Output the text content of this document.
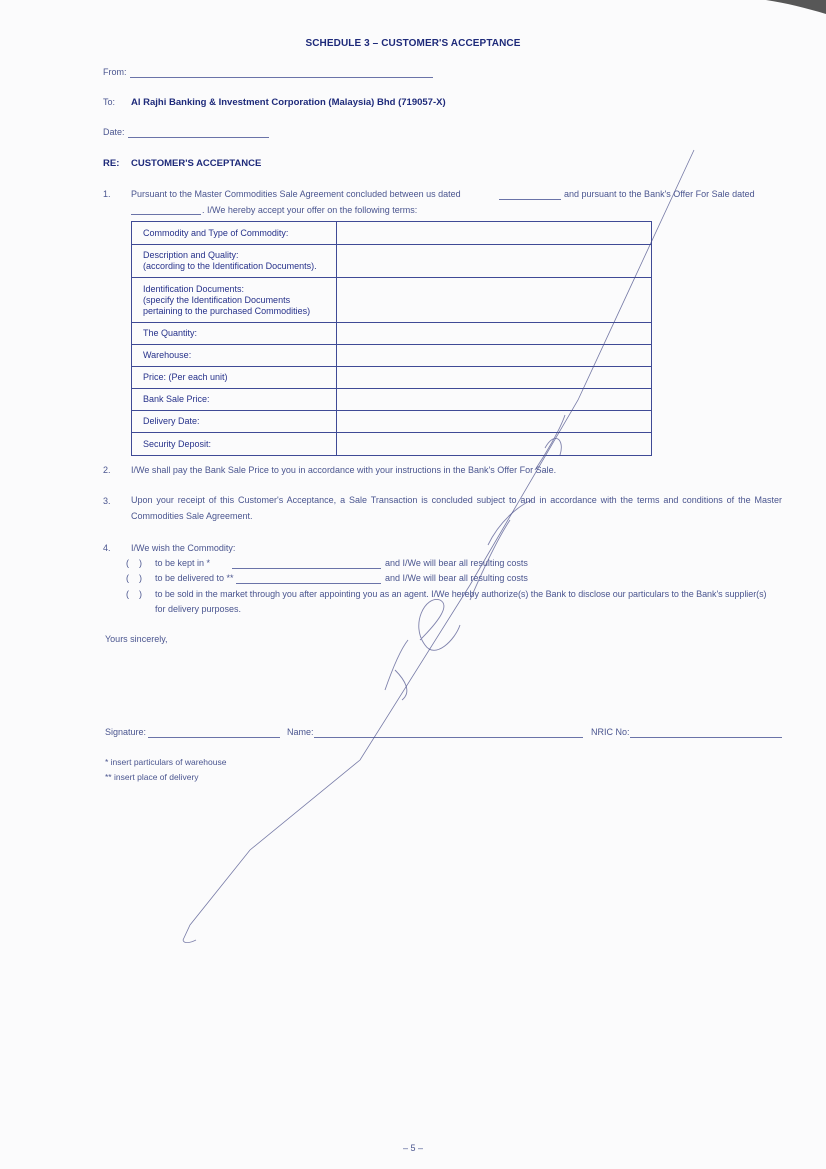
SCHEDULE 3 – CUSTOMER'S ACCEPTANCE
From:
To: Al Rajhi Banking & Investment Corporation (Malaysia) Bhd (719057-X)
Date:
RE: CUSTOMER'S ACCEPTANCE
1. Pursuant to the Master Commodities Sale Agreement concluded between us dated	and pursuant to the Bank's Offer For Sale dated
. I/We hereby accept your offer on the following terms:
Commodity and Type of Commodity:	
Description and Quality:
(according to the Identification Documents).	
Identification Documents:
(specify the Identification Documents
pertaining to the purchased Commodities)	
The Quantity:	
Warehouse:	
Price: (Per each unit)	
Bank Sale Price:	
Delivery Date:	
Security Deposit:	
2. I/We shall pay the Bank Sale Price to you in accordance with your instructions in the Bank's Offer For Sale.
3. Upon your receipt of this Customer's Acceptance, a Sale Transaction is concluded subject to and in accordance with the terms and conditions of the Master Commodities Sale Agreement.
4. I/We wish the Commodity:
(    ) to be kept in *	and I/We will bear all resulting costs
(    ) to be delivered to **	and I/We will bear all resulting costs
(    ) to be sold in the market through you after appointing you as an agent. I/We hereby authorize(s) the Bank to disclose our particulars to the Bank's supplier(s)
for delivery purposes.
Yours sincerely,
Signature:	Name:	NRIC No:
* insert particulars of warehouse
** insert place of delivery
– 5 –
